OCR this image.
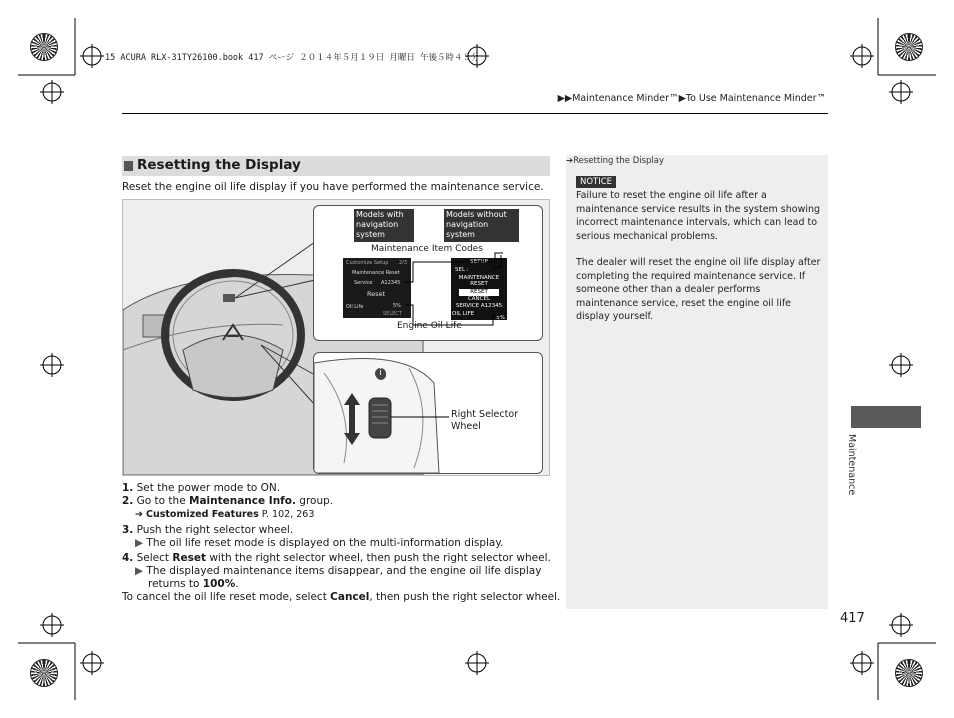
15 ACURA RLX-31TY26100.book 417 ページ ２０１４年５月１９日 月曜日 午後５時４３分
▶▶Maintenance Minder™▶To Use Maintenance Minder™
Resetting the Display
Reset the engine oil life display if you have performed the maintenance service.
Models with navigation system
Models without navigation system
Maintenance Item Codes
Customize Setup 2/3
Maintenance Reset
Service A12345
Reset
Oil Life	5%
SELECT
SETUP
SEL :
MAINTENANCE
RESET
RESET
CANCEL
SERVICE A12345
OIL LIFE
5%
Engine Oil Life
i
Right Selector Wheel
1. Set the power mode to ON.
2. Go to the Maintenance Info. group.
➔ Customized Features P. 102, 263
3. Push the right selector wheel.
▶ The oil life reset mode is displayed on the multi-information display.
4. Select Reset with the right selector wheel, then push the right selector wheel.
▶ The displayed maintenance items disappear, and the engine oil life display
returns to 100%.
To cancel the oil life reset mode, select Cancel, then push the right selector wheel.
➔Resetting the Display
NOTICE

Failure to reset the engine oil life after a maintenance service results in the system showing incorrect maintenance intervals, which can lead to serious mechanical problems.

The dealer will reset the engine oil life display after completing the required maintenance service. If someone other than a dealer performs maintenance service, reset the engine oil life display yourself.

Maintenance
417
